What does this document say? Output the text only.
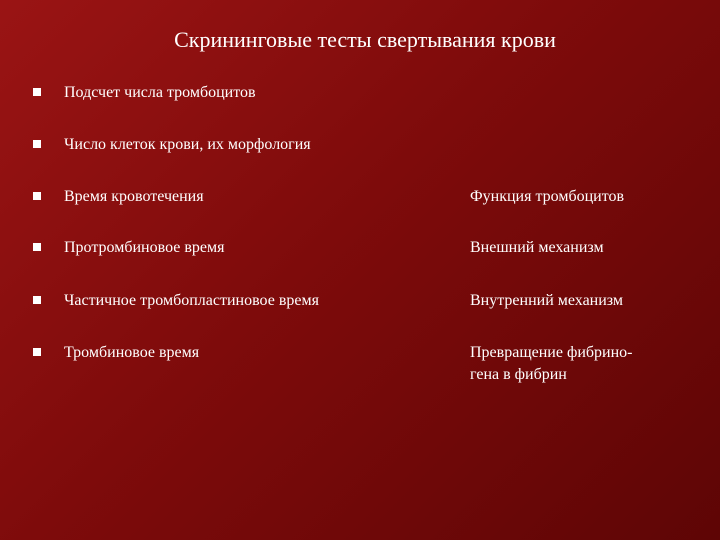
Скрининговые тесты свертывания крови
Подсчет числа тромбоцитов
Число клеток крови, их морфология
Время кровотечения	Функция тромбоцитов
Протромбиновое время	Внешний механизм
Частичное тромбопластиновое время	Внутренний механизм
Тромбиновое время	Превращение фибрино-гена в фибрин
